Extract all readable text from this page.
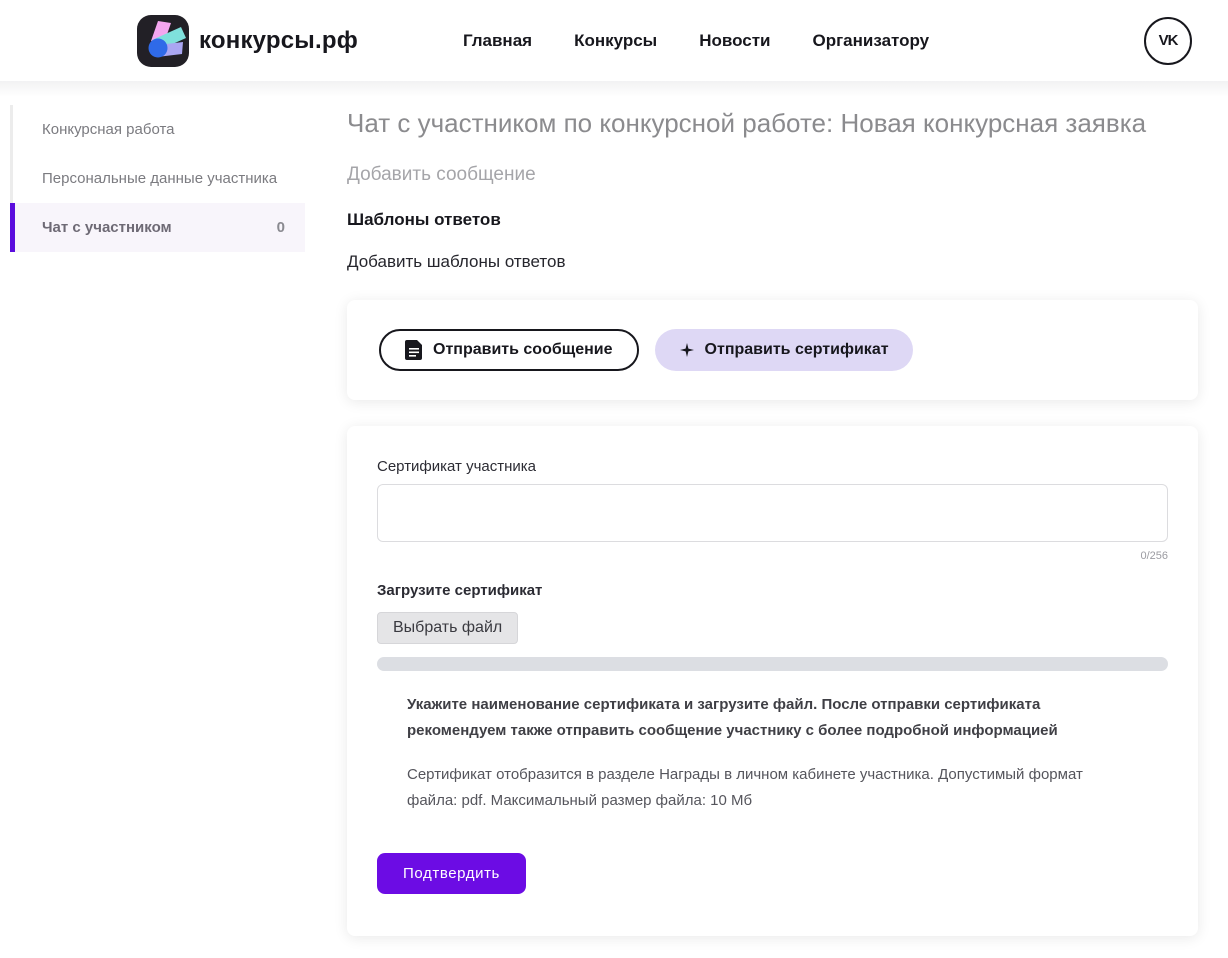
конкурсы.рф	Главная Конкурсы Новости Организатору	VK
Конкурсная работа
Персональные данные участника
Чат с участником	0
Чат с участником по конкурсной работе: Новая конкурсная заявка
Добавить сообщение
Шаблоны ответов
Добавить шаблоны ответов
Отправить сообщение	Отправить сертификат
Сертификат участника
0/256
Загрузите сертификат
Выбрать файл

Укажите наименование сертификата и загрузите файл. После отправки сертификата рекомендуем также отправить сообщение участнику с более подробной информацией

Сертификат отобразится в разделе Награды в личном кабинете участника. Допустимый формат файла: pdf. Максимальный размер файла: 10 Мб

Подтвердить
